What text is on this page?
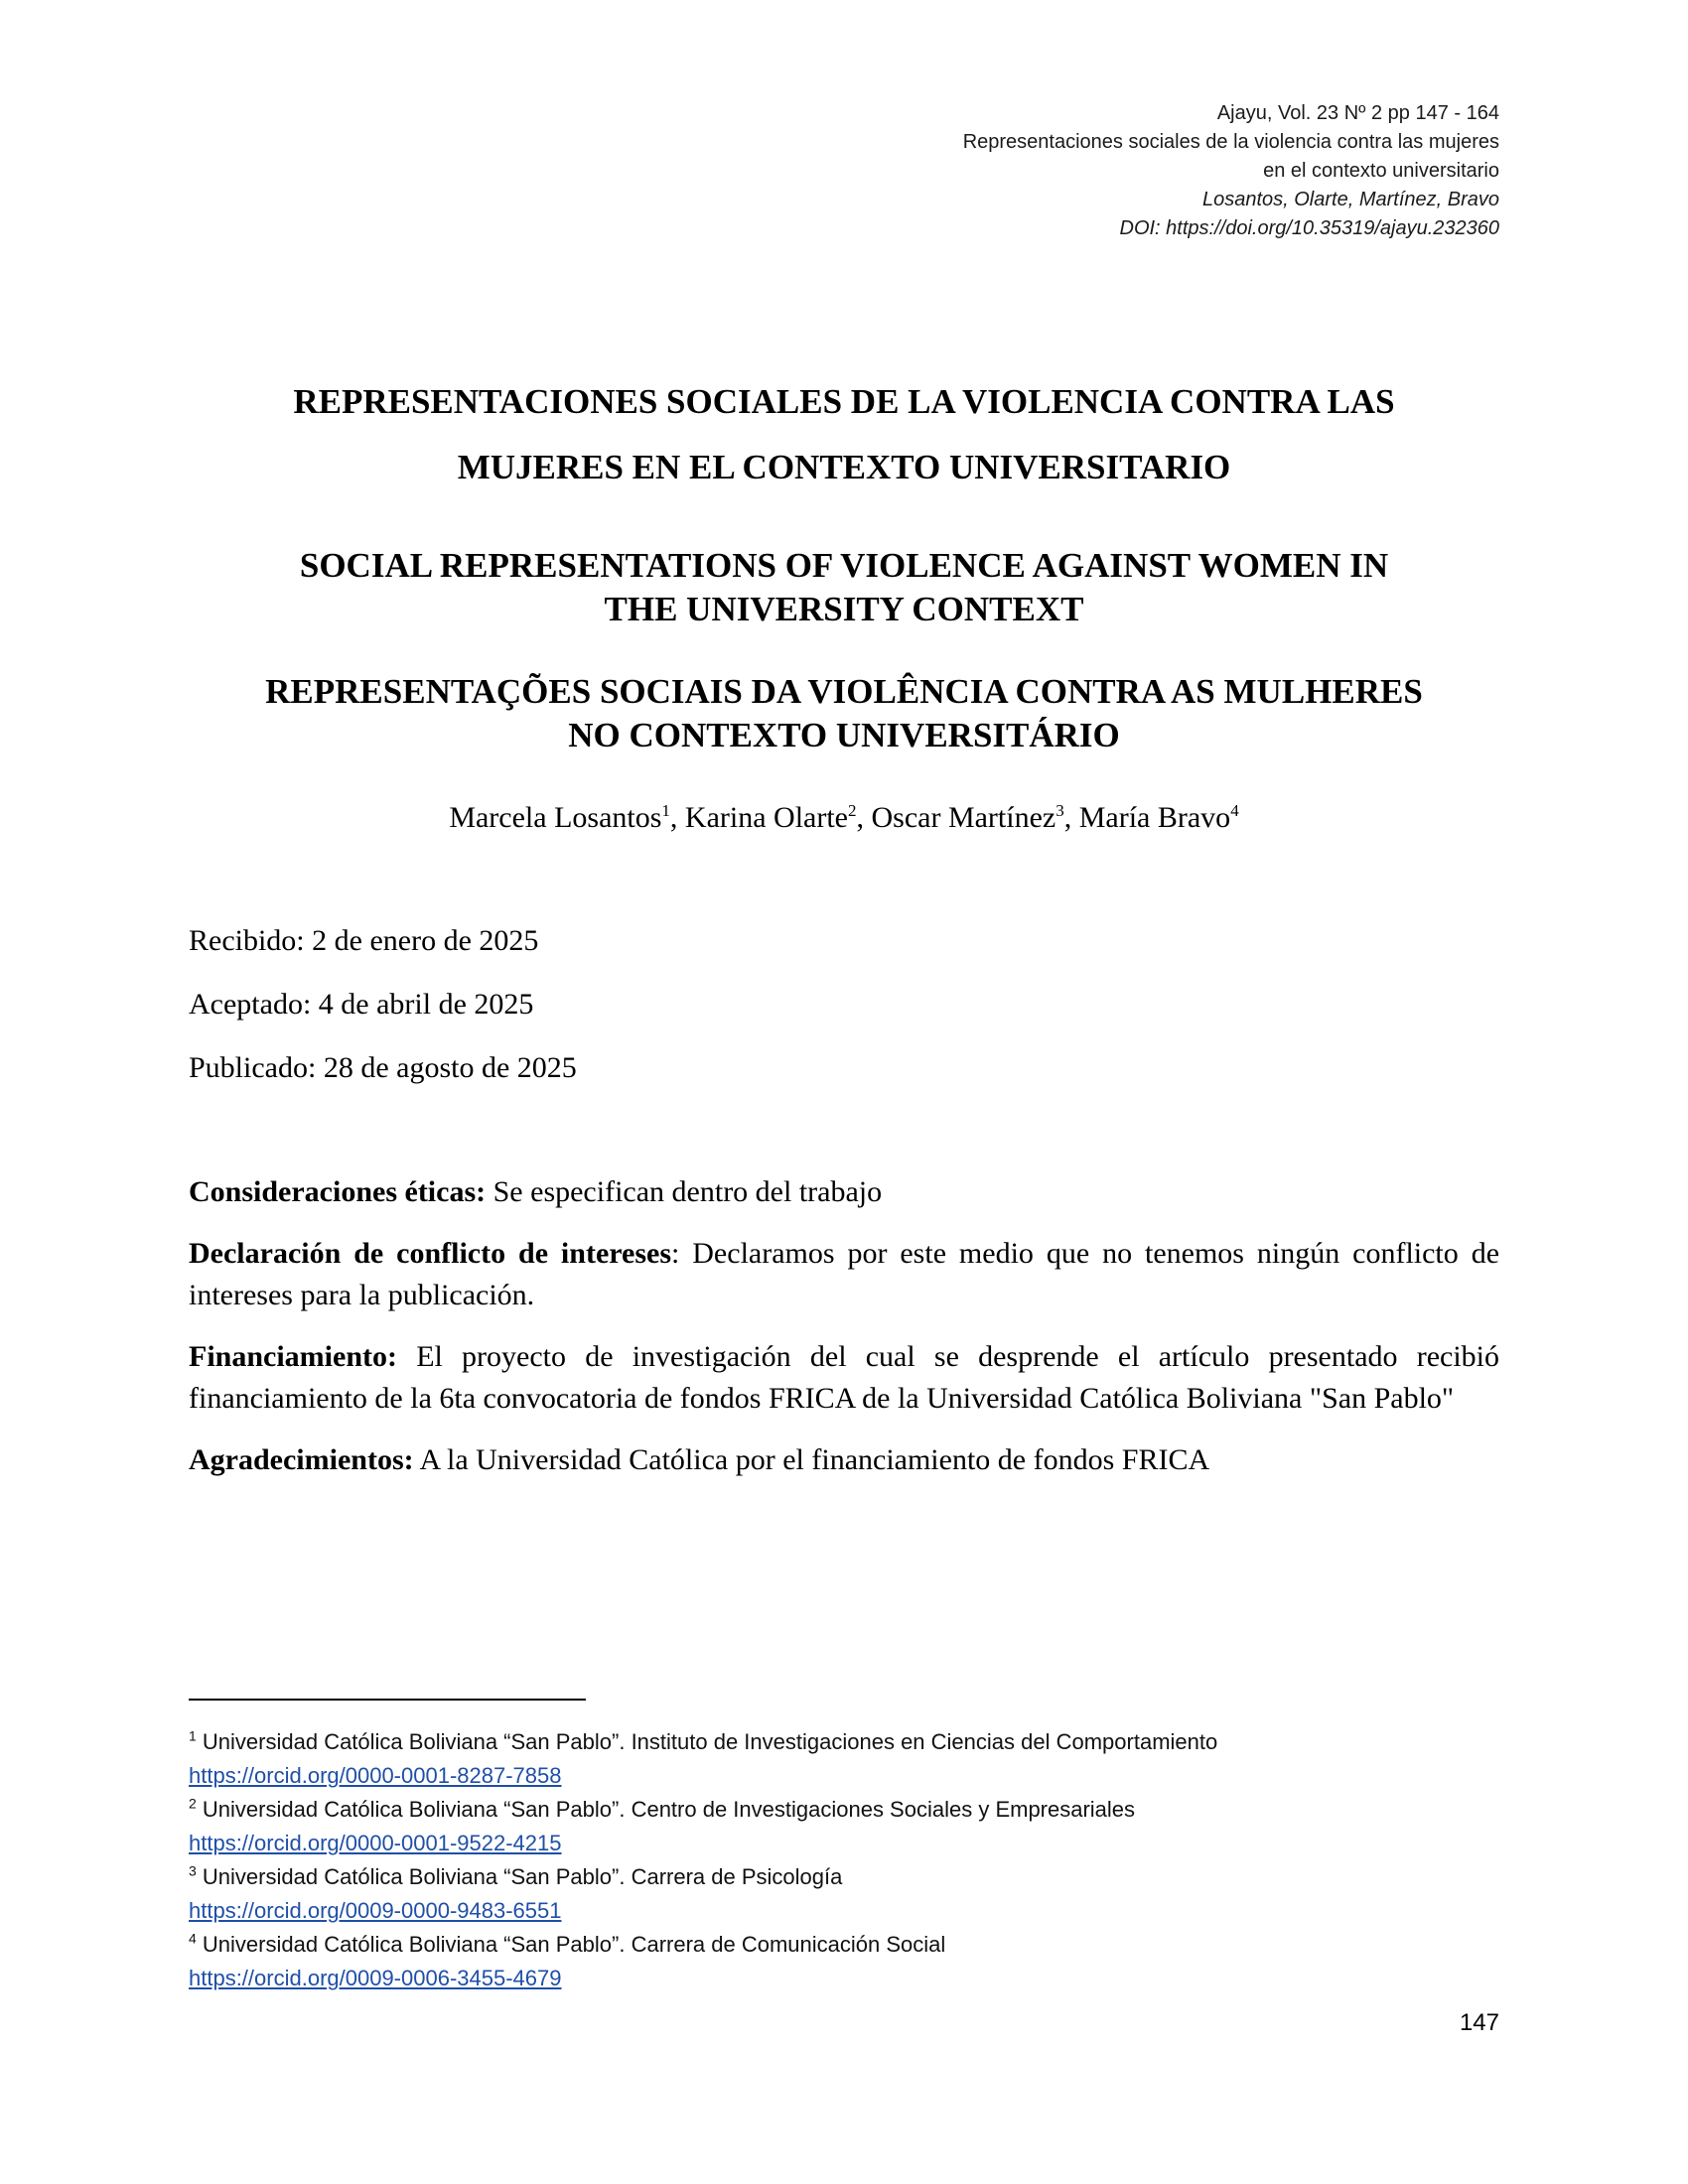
Ajayu, Vol. 23 Nº 2 pp 147 - 164
Representaciones sociales de la violencia contra las mujeres
en el contexto universitario
Losantos, Olarte, Martínez, Bravo
DOI: https://doi.org/10.35319/ajayu.232360
REPRESENTACIONES SOCIALES DE LA VIOLENCIA CONTRA LAS
MUJERES EN EL CONTEXTO UNIVERSITARIO
SOCIAL REPRESENTATIONS OF VIOLENCE AGAINST WOMEN IN
THE UNIVERSITY CONTEXT
REPRESENTAÇÕES SOCIAIS DA VIOLÊNCIA CONTRA AS MULHERES
NO CONTEXTO UNIVERSITÁRIO
Marcela Losantos$^1$, Karina Olarte$^2$, Oscar Martínez$^3$, María Bravo$^4$
Recibido: 2 de enero de 2025
Aceptado: 4 de abril de 2025
Publicado: 28 de agosto de 2025

Consideraciones éticas: Se especifican dentro del trabajo

Declaración de conflicto de intereses: Declaramos por este medio que no tenemos ningún conflicto de intereses para la publicación.

Financiamiento: El proyecto de investigación del cual se desprende el artículo presentado recibió financiamiento de la 6ta convocatoria de fondos FRICA de la Universidad Católica Boliviana "San Pablo"

Agradecimientos: A la Universidad Católica por el financiamiento de fondos FRICA

$^1$ Universidad Católica Boliviana “San Pablo”. Instituto de Investigaciones en Ciencias del Comportamiento
https://orcid.org/0000-0001-8287-7858

$^2$ Universidad Católica Boliviana “San Pablo”. Centro de Investigaciones Sociales y Empresariales
https://orcid.org/0000-0001-9522-4215

$^3$ Universidad Católica Boliviana “San Pablo”. Carrera de Psicología
https://orcid.org/0009-0000-9483-6551

$^4$ Universidad Católica Boliviana “San Pablo”. Carrera de Comunicación Social
https://orcid.org/0009-0006-3455-4679

147
